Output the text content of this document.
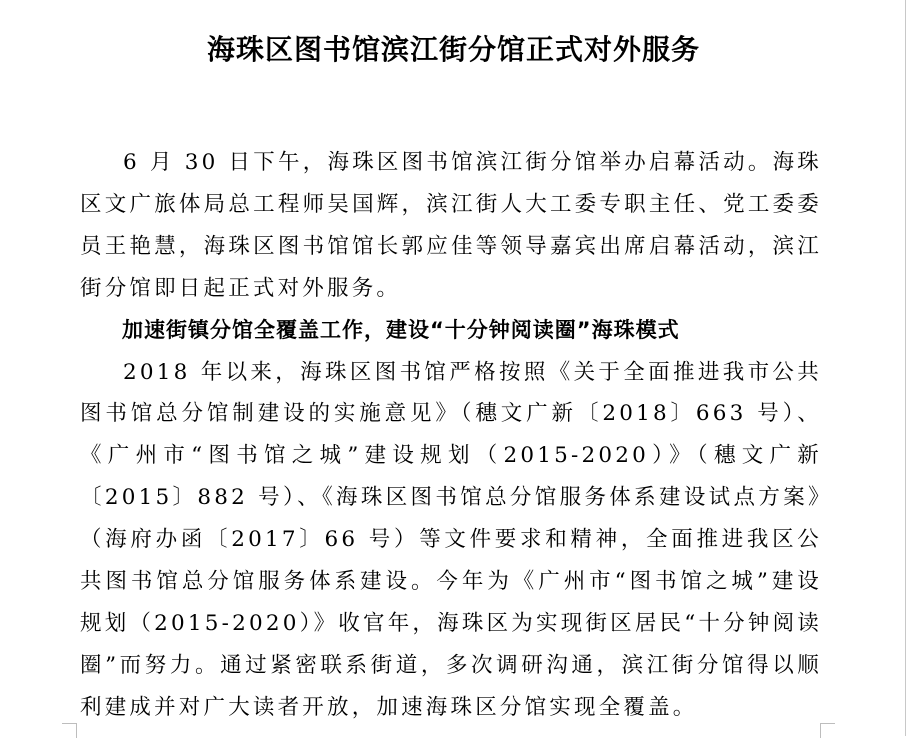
海珠区图书馆滨江街分馆正式对外服务

6 月 30 日下午，海珠区图书馆滨江街分馆举办启幕活动。海珠区文广旅体局总工程师吴国辉，滨江街人大工委专职主任、党工委委员王艳慧，海珠区图书馆馆长郭应佳等领导嘉宾出席启幕活动，滨江街分馆即日起正式对外服务。

加速街镇分馆全覆盖工作，建设“十分钟阅读圈”海珠模式

2018 年以来，海珠区图书馆严格按照《关于全面推进我市公共图书馆总分馆制建设的实施意见》（穗文广新〔2018〕663 号）、《广州市“图书馆之城”建设规划（2015-2020）》（穗文广新〔2015〕882 号）、《海珠区图书馆总分馆服务体系建设试点方案》（海府办函〔2017〕66 号）等文件要求和精神，全面推进我区公共图书馆总分馆服务体系建设。今年为《广州市“图书馆之城”建设规划（2015-2020）》收官年，海珠区为实现街区居民“十分钟阅读圈”而努力。通过紧密联系街道，多次调研沟通，滨江街分馆得以顺利建成并对广大读者开放，加速海珠区分馆实现全覆盖。
